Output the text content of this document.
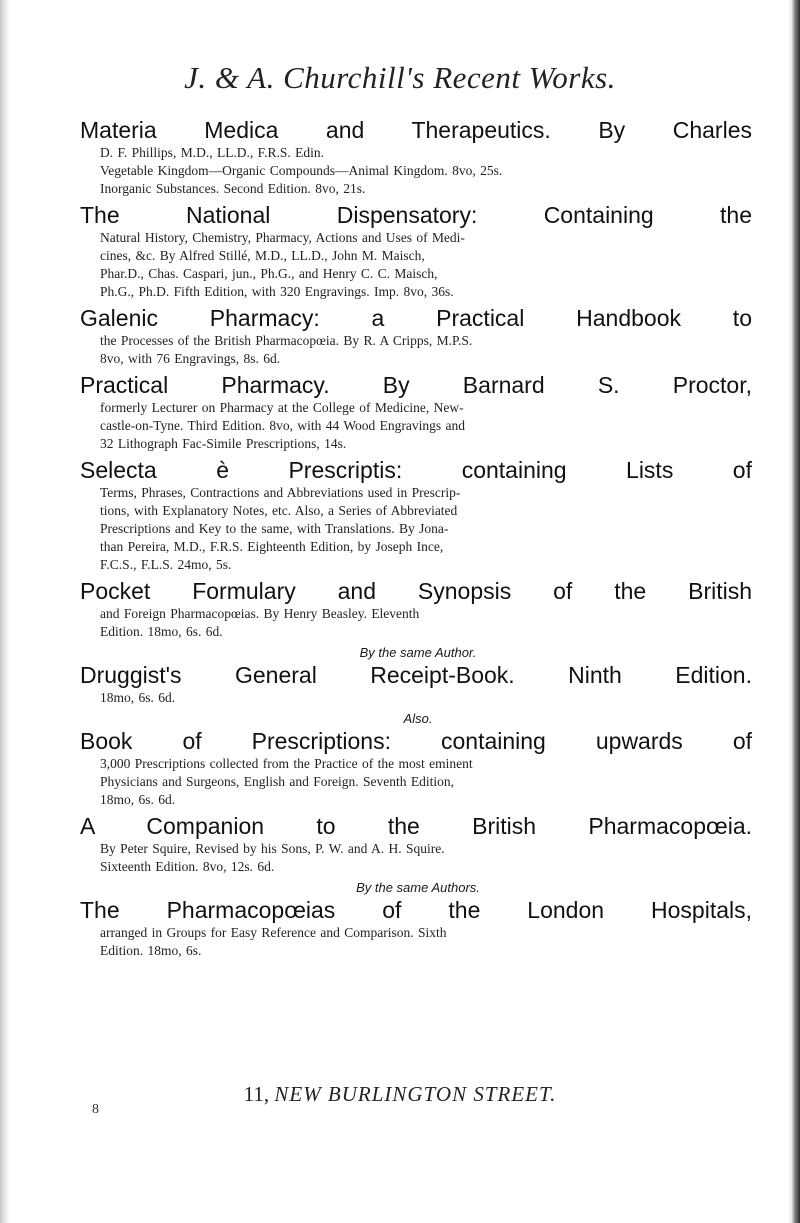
J. & A. Churchill's Recent Works.
Materia Medica and Therapeutics. By Charles
D. F. Phillips, M.D., LL.D., F.R.S. Edin.
Vegetable Kingdom—Organic Compounds—Animal Kingdom. 8vo, 25s.
Inorganic Substances. Second Edition. 8vo, 21s.
The National Dispensatory: Containing the
Natural History, Chemistry, Pharmacy, Actions and Uses of Medi-
cines, &c. By Alfred Stillé, M.D., LL.D., John M. Maisch,
Phar.D., Chas. Caspari, jun., Ph.G., and Henry C. C. Maisch,
Ph.G., Ph.D. Fifth Edition, with 320 Engravings. Imp. 8vo, 36s.
Galenic Pharmacy: a Practical Handbook to
the Processes of the British Pharmacopœia. By R. A Cripps, M.P.S.
8vo, with 76 Engravings, 8s. 6d.
Practical Pharmacy. By Barnard S. Proctor,
formerly Lecturer on Pharmacy at the College of Medicine, New-
castle-on-Tyne. Third Edition. 8vo, with 44 Wood Engravings and
32 Lithograph Fac-Simile Prescriptions, 14s.
Selecta è Prescriptis: containing Lists of
Terms, Phrases, Contractions and Abbreviations used in Prescrip-
tions, with Explanatory Notes, etc. Also, a Series of Abbreviated
Prescriptions and Key to the same, with Translations. By Jona-
than Pereira, M.D., F.R.S. Eighteenth Edition, by Joseph Ince,
F.C.S., F.L.S. 24mo, 5s.
Pocket Formulary and Synopsis of the British
and Foreign Pharmacopœias. By Henry Beasley. Eleventh
Edition. 18mo, 6s. 6d.
By the same Author.
Druggist's General Receipt-Book. Ninth Edition.
18mo, 6s. 6d.
Also.
Book of Prescriptions: containing upwards of
3,000 Prescriptions collected from the Practice of the most eminent
Physicians and Surgeons, English and Foreign. Seventh Edition,
18mo, 6s. 6d.
A Companion to the British Pharmacopœia.
By Peter Squire, Revised by his Sons, P. W. and A. H. Squire.
Sixteenth Edition. 8vo, 12s. 6d.
By the same Authors.
The Pharmacopœias of the London Hospitals,
arranged in Groups for Easy Reference and Comparison. Sixth
Edition. 18mo, 6s.
11, NEW BURLINGTON STREET.
8
